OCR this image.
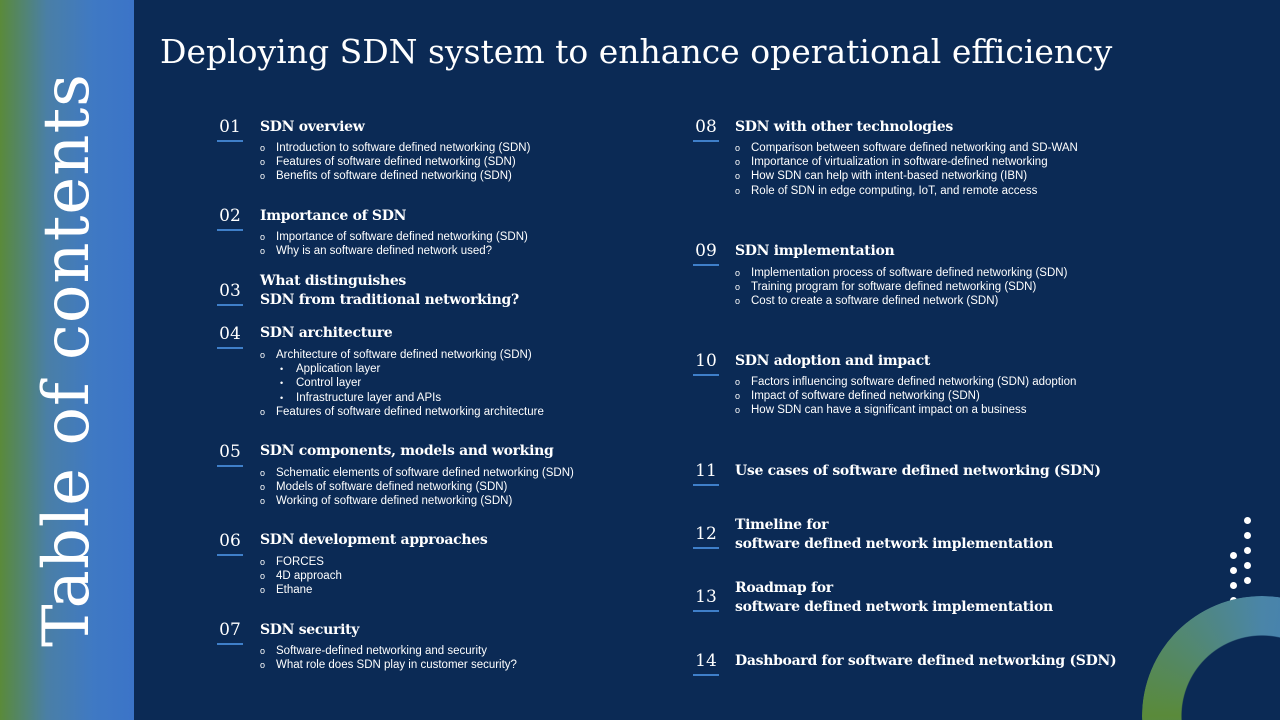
Table of contents
Deploying SDN system to enhance operational efficiency
01 SDN overview
o Introduction to software defined networking (SDN)
o Features of software defined networking (SDN)
o Benefits of software defined networking (SDN)
02 Importance of SDN
o Importance of software defined networking (SDN)
o Why is an software defined network used?
03 What distinguishes
SDN from traditional networking?
04 SDN architecture
o Architecture of software defined networking (SDN)
• Application layer
• Control layer
• Infrastructure layer and APIs
o Features of software defined networking architecture
05 SDN components, models and working
o Schematic elements of software defined networking (SDN)
o Models of software defined networking (SDN)
o Working of software defined networking (SDN)
06 SDN development approaches
o FORCES
o 4D approach
o Ethane
07 SDN security
o Software-defined networking and security
o What role does SDN play in customer security?
08 SDN with other technologies
o Comparison between software defined networking and SD-WAN
o Importance of virtualization in software-defined networking
o How SDN can help with intent-based networking (IBN)
o Role of SDN in edge computing, IoT, and remote access
09 SDN implementation
o Implementation process of software defined networking (SDN)
o Training program for software defined networking (SDN)
o Cost to create a software defined network (SDN)
10 SDN adoption and impact
o Factors influencing software defined networking (SDN) adoption
o Impact of software defined networking (SDN)
o How SDN can have a significant impact on a business
11 Use cases of software defined networking (SDN)
12 Timeline for
software defined network implementation
13 Roadmap for
software defined network implementation
14 Dashboard for software defined networking (SDN)
